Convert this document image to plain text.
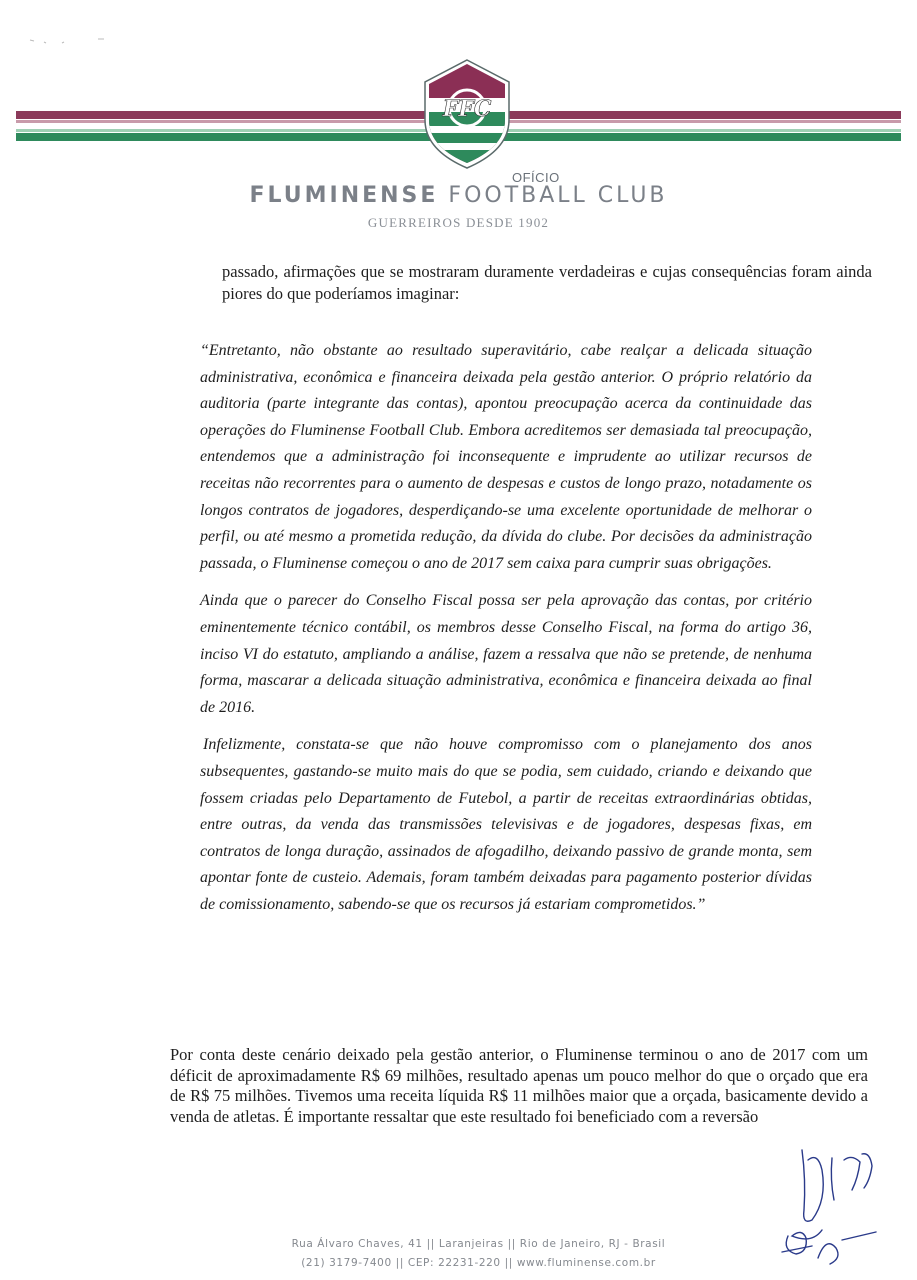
FFC
OFÍCIO
FLUMINENSE FOOTBALL CLUB
GUERREIROS DESDE 1902
passado, afirmações que se mostraram duramente verdadeiras e cujas consequências foram ainda piores do que poderíamos imaginar:

“Entretanto, não obstante ao resultado superavitário, cabe realçar a delicada situação administrativa, econômica e financeira deixada pela gestão anterior. O próprio relatório da auditoria (parte integrante das contas), apontou preocupação acerca da continuidade das operações do Fluminense Football Club. Embora acreditemos ser demasiada tal preocupação, entendemos que a administração foi inconsequente e imprudente ao utilizar recursos de receitas não recorrentes para o aumento de despesas e custos de longo prazo, notadamente os longos contratos de jogadores, desperdiçando-se uma excelente oportunidade de melhorar o perfil, ou até mesmo a prometida redução, da dívida do clube. Por decisões da administração passada, o Fluminense começou o ano de 2017 sem caixa para cumprir suas obrigações.

Ainda que o parecer do Conselho Fiscal possa ser pela aprovação das contas, por critério eminentemente técnico contábil, os membros desse Conselho Fiscal, na forma do artigo 36, inciso VI do estatuto, ampliando a análise, fazem a ressalva que não se pretende, de nenhuma forma, mascarar a delicada situação administrativa, econômica e financeira deixada ao final de 2016.

Infelizmente, constata-se que não houve compromisso com o planejamento dos anos subsequentes, gastando-se muito mais do que se podia, sem cuidado, criando e deixando que fossem criadas pelo Departamento de Futebol, a partir de receitas extraordinárias obtidas, entre outras, da venda das transmissões televisivas e de jogadores, despesas fixas, em contratos de longa duração, assinados de afogadilho, deixando passivo de grande monta, sem apontar fonte de custeio. Ademais, foram também deixadas para pagamento posterior dívidas de comissionamento, sabendo-se que os recursos já estariam comprometidos.”

Por conta deste cenário deixado pela gestão anterior, o Fluminense terminou o ano de 2017 com um déficit de aproximadamente R$ 69 milhões, resultado apenas um pouco melhor do que o orçado que era de R$ 75 milhões. Tivemos uma receita líquida R$ 11 milhões maior que a orçada, basicamente devido a venda de atletas. É importante ressaltar que este resultado foi beneficiado com a reversão
Rua Álvaro Chaves, 41 || Laranjeiras || Rio de Janeiro, RJ - Brasil
(21) 3179-7400 || CEP: 22231-220 || www.fluminense.com.br
